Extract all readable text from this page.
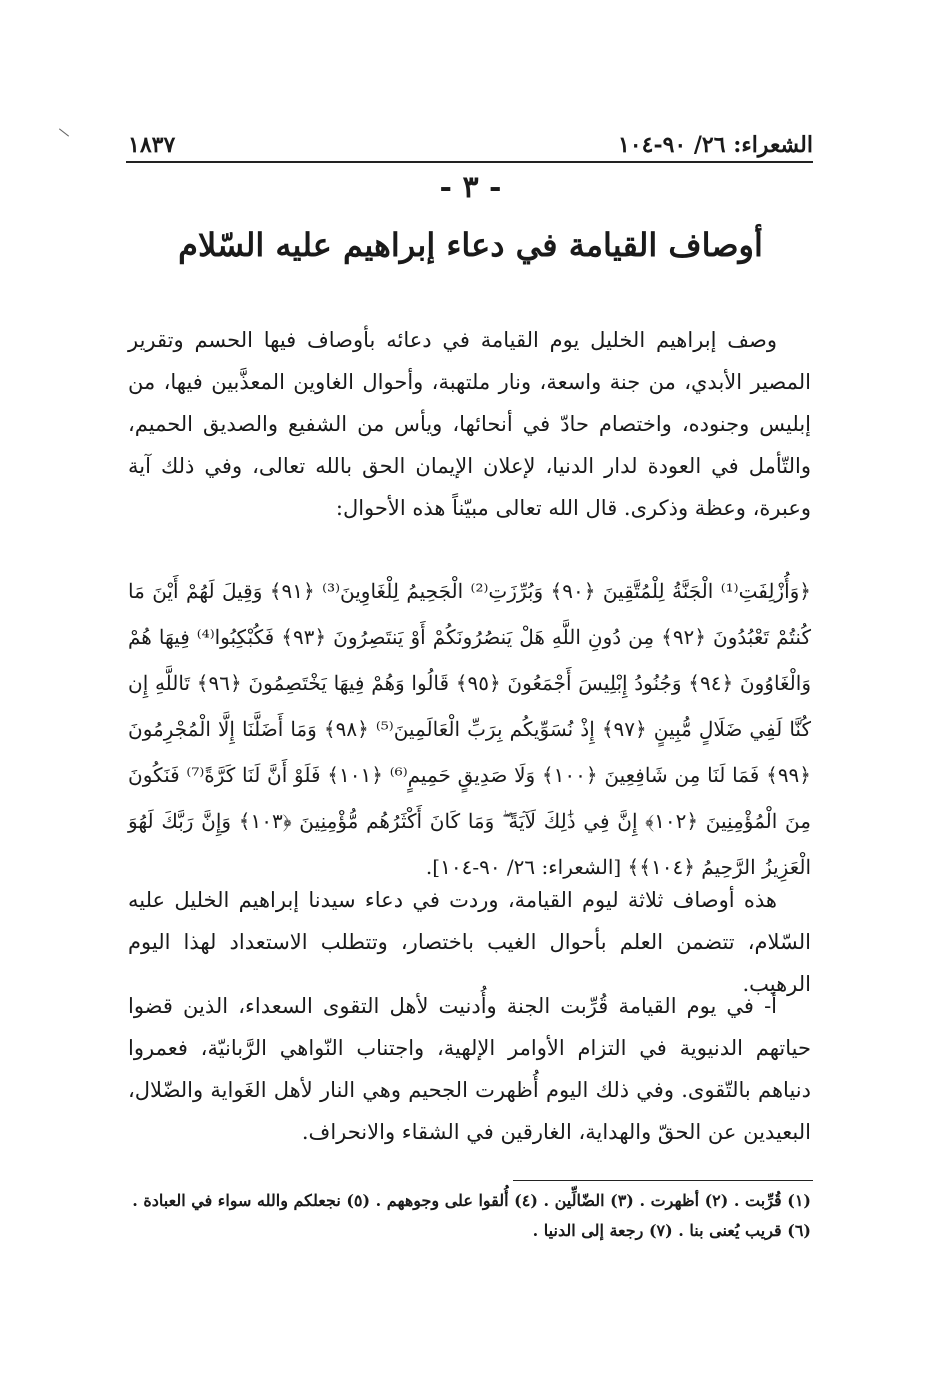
الشعراء: ٢٦/ ٩٠-١٠٤
١٨٣٧
- ٣ -
أوصاف القيامة في دعاء إبراهيم عليه السّلام

وصف إبراهيم الخليل يوم القيامة في دعائه بأوصاف فيها الحسم وتقرير المصير الأبدي، من جنة واسعة، ونار ملتهبة، وأحوال الغاوين المعذَّبين فيها، من إبليس وجنوده، واختصام حادّ في أنحائها، ويأس من الشفيع والصديق الحميم، والتّأمل في العودة لدار الدنيا، لإعلان الإيمان الحق بالله تعالى، وفي ذلك آية وعبرة، وعظة وذكرى. قال الله تعالى مبيّناً هذه الأحوال:

﴿وَأُزْلِفَتِ⁽¹⁾ الْجَنَّةُ لِلْمُتَّقِينَ ﴿٩٠﴾ وَبُرِّزَتِ⁽²⁾ الْجَحِيمُ لِلْغَاوِينَ⁽³⁾ ﴿٩١﴾ وَقِيلَ لَهُمْ أَيْنَ مَا كُنتُمْ تَعْبُدُونَ ﴿٩٢﴾ مِن دُونِ اللَّهِ هَلْ يَنصُرُونَكُمْ أَوْ يَنتَصِرُونَ ﴿٩٣﴾ فَكُبْكِبُوا⁽⁴⁾ فِيهَا هُمْ وَالْغَاوُونَ ﴿٩٤﴾ وَجُنُودُ إِبْلِيسَ أَجْمَعُونَ ﴿٩٥﴾ قَالُوا وَهُمْ فِيهَا يَخْتَصِمُونَ ﴿٩٦﴾ تَاللَّهِ إِن كُنَّا لَفِي ضَلَالٍ مُّبِينٍ ﴿٩٧﴾ إِذْ نُسَوِّيكُم بِرَبِّ الْعَالَمِينَ⁽⁵⁾ ﴿٩٨﴾ وَمَا أَضَلَّنَا إِلَّا الْمُجْرِمُونَ ﴿٩٩﴾ فَمَا لَنَا مِن شَافِعِينَ ﴿١٠٠﴾ وَلَا صَدِيقٍ حَمِيمٍ⁽⁶⁾ ﴿١٠١﴾ فَلَوْ أَنَّ لَنَا كَرَّةً⁽⁷⁾ فَنَكُونَ مِنَ الْمُؤْمِنِينَ ﴿١٠٢﴾ إِنَّ فِي ذَٰلِكَ لَآيَةً ۖ وَمَا كَانَ أَكْثَرُهُم مُّؤْمِنِينَ ﴿١٠٣﴾ وَإِنَّ رَبَّكَ لَهُوَ الْعَزِيزُ الرَّحِيمُ ﴿١٠٤﴾﴾ [الشعراء: ٢٦/ ٩٠-١٠٤].

هذه أوصاف ثلاثة ليوم القيامة، وردت في دعاء سيدنا إبراهيم الخليل عليه السّلام، تتضمن العلم بأحوال الغيب باختصار، وتتطلب الاستعداد لهذا اليوم الرهيب.

أ- في يوم القيامة قُرِّبت الجنة وأُدنيت لأهل التقوى السعداء، الذين قضوا حياتهم الدنيوية في التزام الأوامر الإلهية، واجتناب النّواهي الرَّبانيّة، فعمروا دنياهم بالتّقوى. وفي ذلك اليوم أُظهرت الجحيم وهي النار لأهل الغَواية والضّلال، البعيدين عن الحقّ والهداية، الغارقين في الشقاء والانحراف.

(١) قُرِّبت . (٢) أظهرت . (٣) الضّالِّين . (٤) أُلقوا على وجوههم . (٥) نجعلكم والله سواء في العبادة .
(٦) قريب يُعنى بنا . (٧) رجعة إلى الدنيا .
